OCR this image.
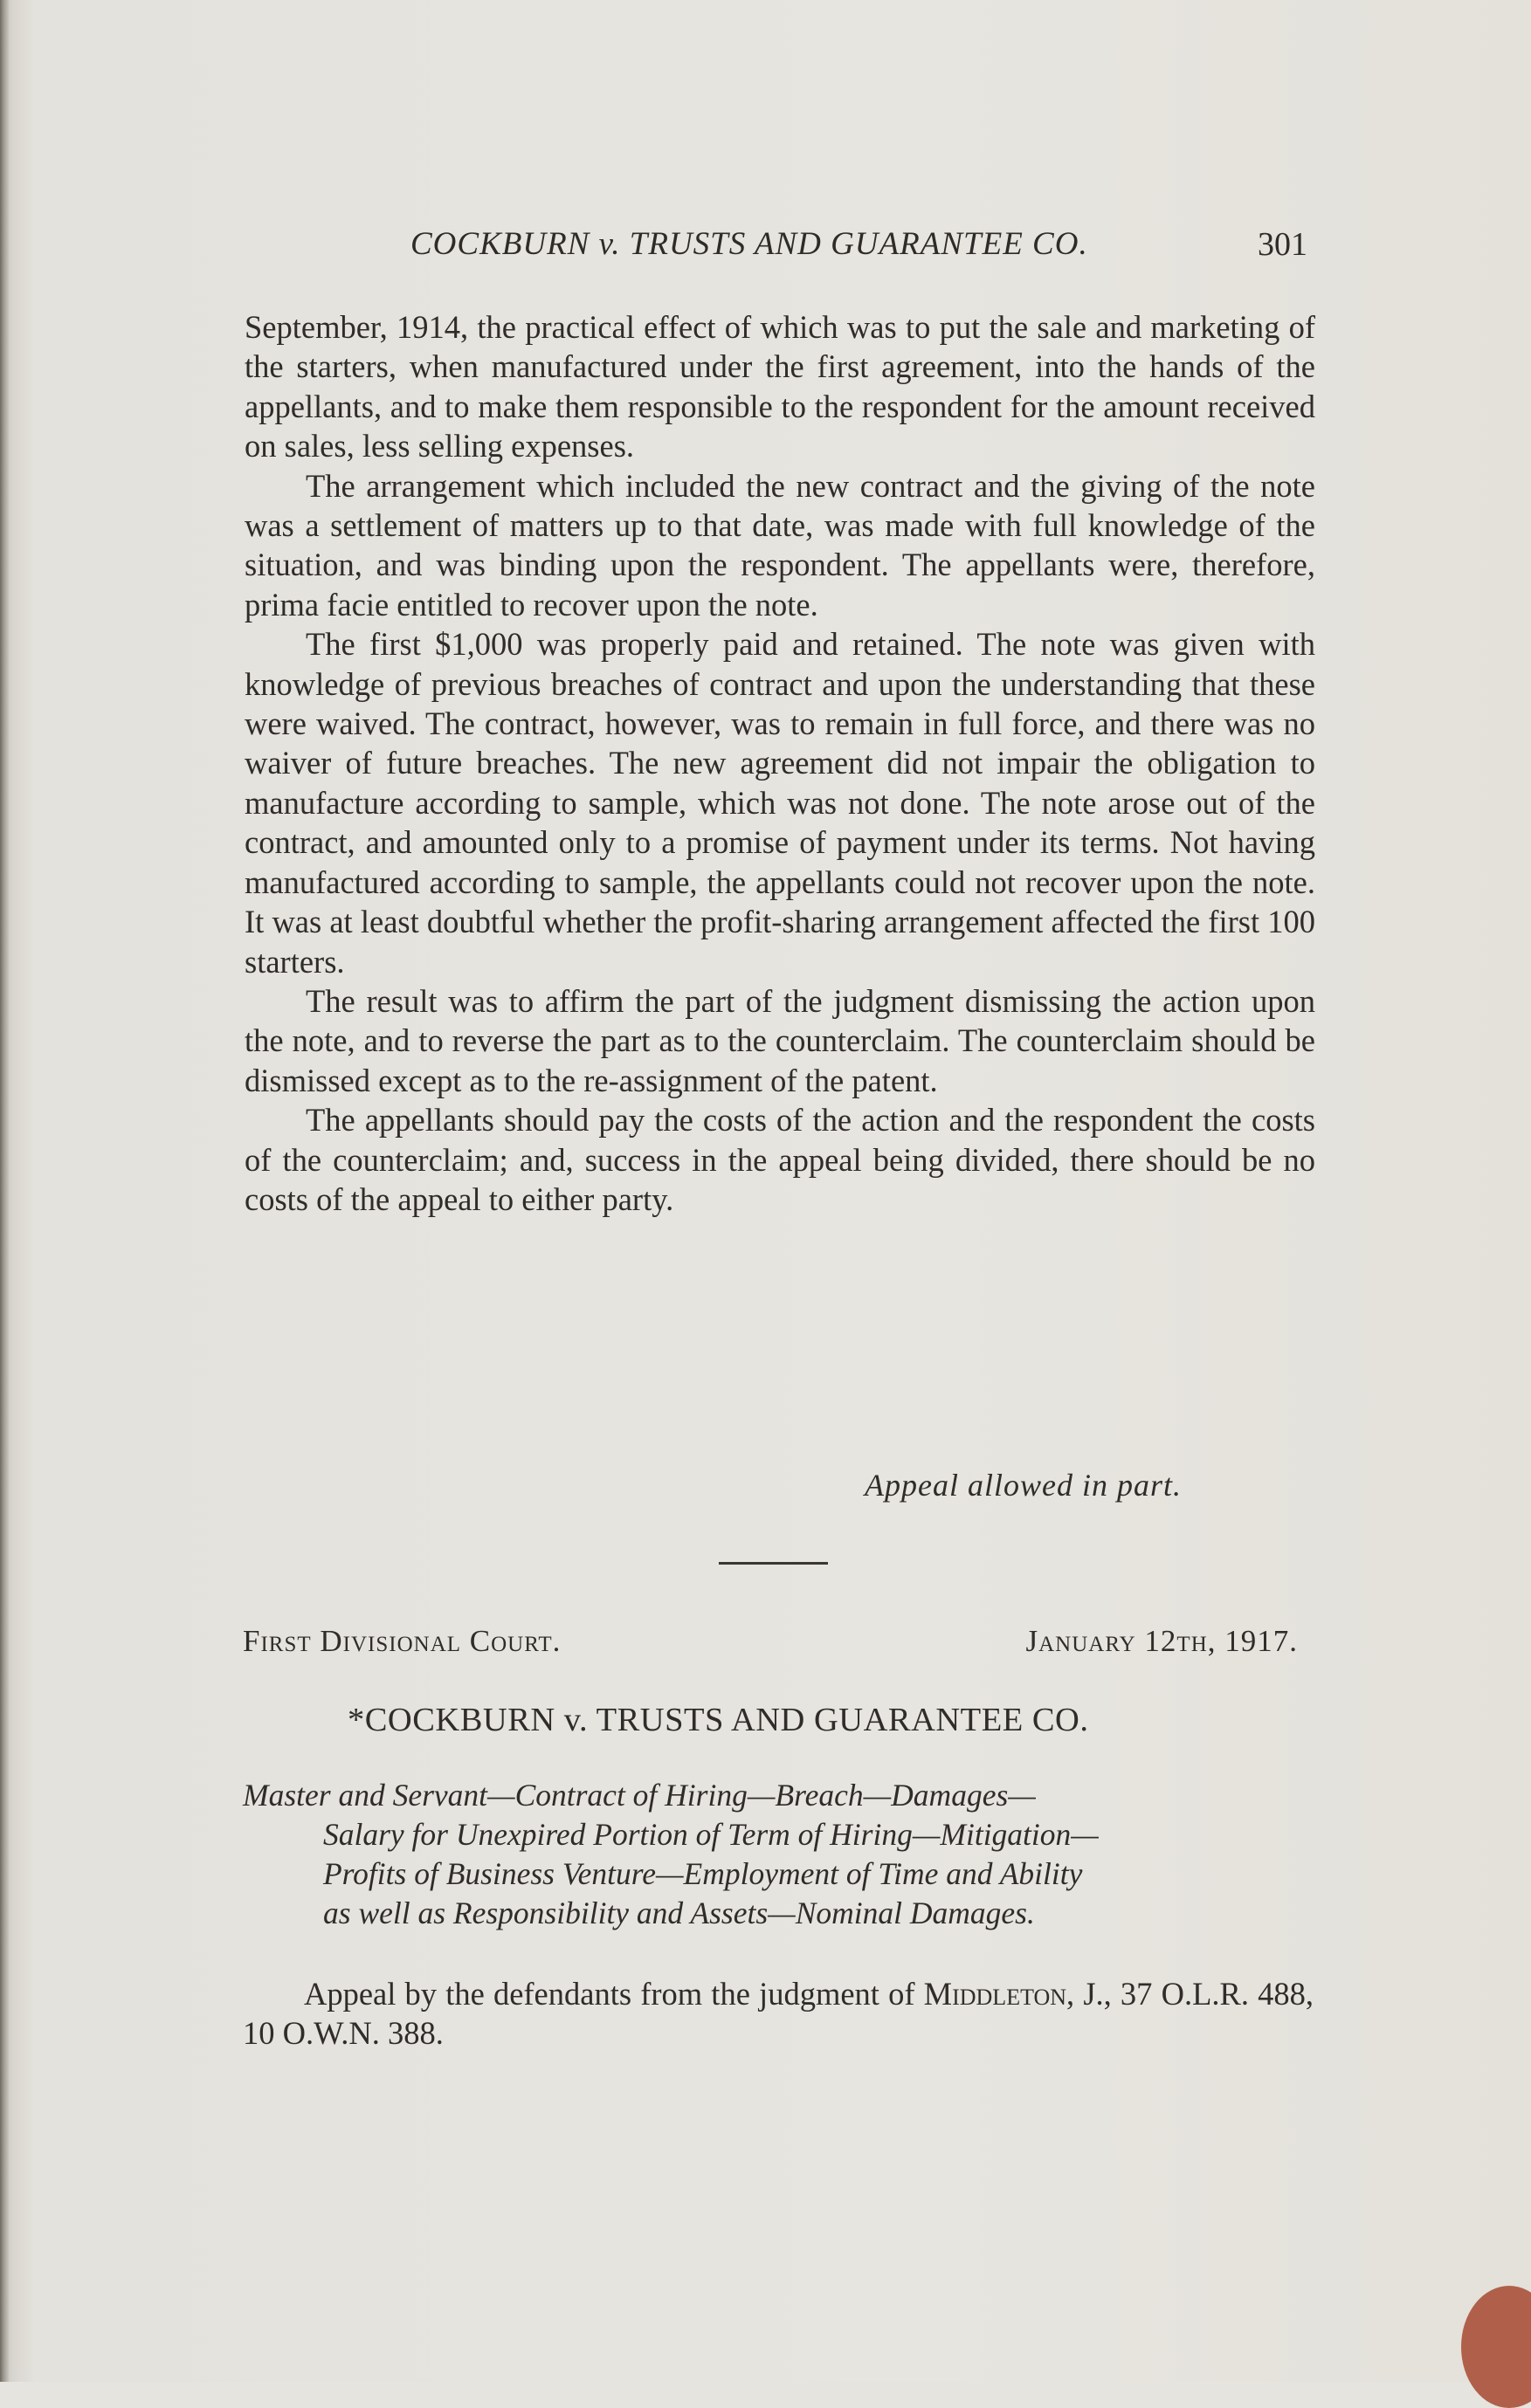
COCKBURN v. TRUSTS AND GUARANTEE CO.	301

September, 1914, the practical effect of which was to put the sale and marketing of the starters, when manufactured under the first agreement, into the hands of the appellants, and to make them responsible to the respondent for the amount received on sales, less selling expenses.

The arrangement which included the new contract and the giving of the note was a settlement of matters up to that date, was made with full knowledge of the situation, and was binding upon the respondent. The appellants were, therefore, prima facie entitled to recover upon the note.

The first $1,000 was properly paid and retained. The note was given with knowledge of previous breaches of contract and upon the understanding that these were waived. The contract, however, was to remain in full force, and there was no waiver of future breaches. The new agreement did not impair the obligation to manufacture according to sample, which was not done. The note arose out of the contract, and amounted only to a promise of payment under its terms. Not having manufactured according to sample, the appellants could not recover upon the note. It was at least doubtful whether the profit-sharing arrangement affected the first 100 starters.

The result was to affirm the part of the judgment dismissing the action upon the note, and to reverse the part as to the counterclaim. The counterclaim should be dismissed except as to the re-assignment of the patent.

The appellants should pay the costs of the action and the respondent the costs of the counterclaim; and, success in the appeal being divided, there should be no costs of the appeal to either party.

Appeal allowed in part.
First Divisional Court.	January 12th, 1917.
*COCKBURN v. TRUSTS AND GUARANTEE CO.
Master and Servant—Contract of Hiring—Breach—Damages—
Salary for Unexpired Portion of Term of Hiring—Mitigation—
Profits of Business Venture—Employment of Time and Ability
as well as Responsibility and Assets—Nominal Damages.

Appeal by the defendants from the judgment of Middleton, J., 37 O.L.R. 488, 10 O.W.N. 388.
